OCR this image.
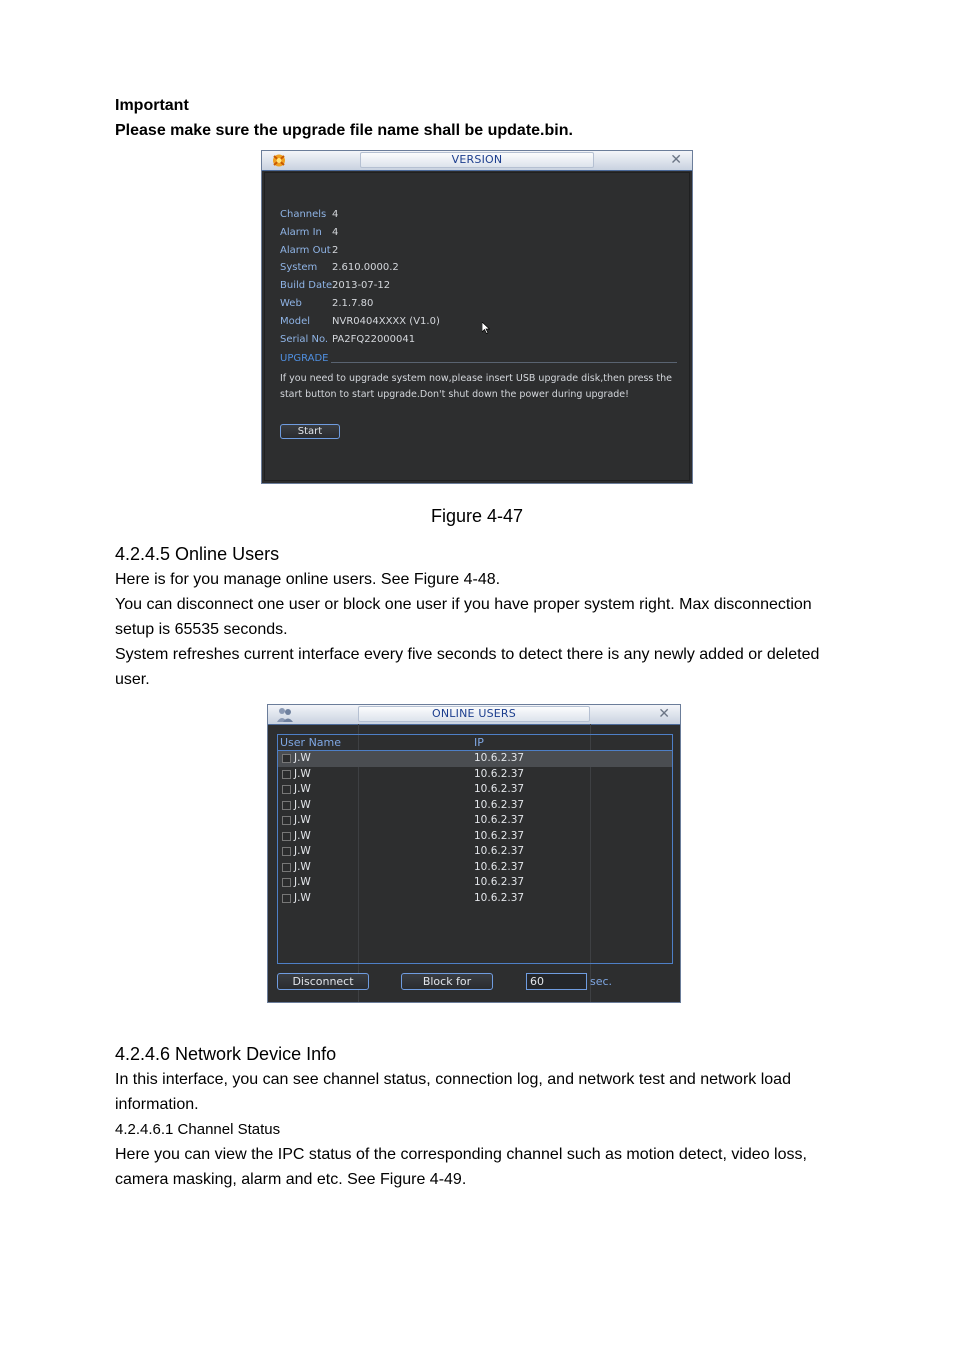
Important
Please make sure the upgrade file name shall be update.bin.
VERSION	✕
Channels 4
Alarm In 4
Alarm Out 2
System 2.610.0000.2
Build Date 2013-07-12
Web	2.1.7.80
Model NVR0404XXXX (V1.0)
Serial No. PA2FQ22000041
UPGRADE
If you need to upgrade system now,please insert USB upgrade disk,then press the start button to start upgrade.Don't shut down the power during upgrade!
Start
Figure 4-47
4.2.4.5 Online Users
Here is for you manage online users. See Figure 4-48.
You can disconnect one user or block one user if you have proper system right. Max disconnection setup is 65535 seconds.
System refreshes current interface every five seconds to detect there is any newly added or deleted user.
ONLINE USERS	✕
User Name	IP
J.W	10.6.2.37
J.W	10.6.2.37
J.W	10.6.2.37
J.W	10.6.2.37
J.W	10.6.2.37
J.W	10.6.2.37
J.W	10.6.2.37
J.W	10.6.2.37
J.W	10.6.2.37
J.W	10.6.2.37
Disconnect	Block for
60	sec.
4.2.4.6 Network Device Info
In this interface, you can see channel status, connection log, and network test and network load information.
4.2.4.6.1 Channel Status
Here you can view the IPC status of the corresponding channel such as motion detect, video loss, camera masking, alarm and etc. See Figure 4-49.
